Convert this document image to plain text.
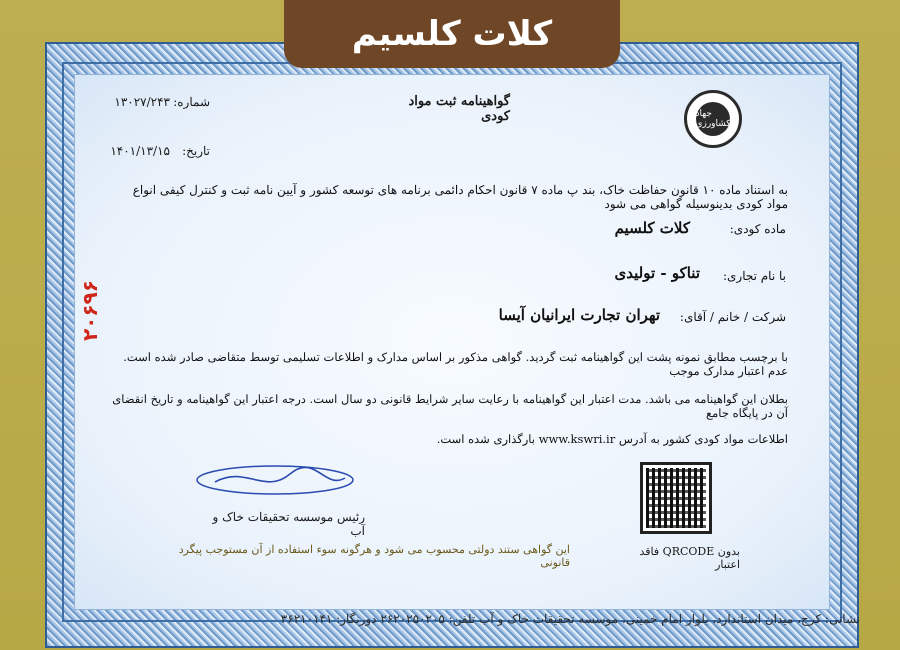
کلات کلسیم
جهاد کشاورزی
گواهینامه ثبت مواد کودی
شماره:
۱۳۰۲۷/۲۴۳
تاریخ:
۱۴۰۱/۱۳/۱۵
به استناد ماده ۱۰ قانون حفاظت خاک، بند پ ماده ۷ قانون احکام دائمی برنامه های توسعه کشور و آیین نامه ثبت و کنترل کیفی انواع مواد کودی بدینوسیله گواهی می شود
ماده کودی:
کلات کلسیم
با نام تجاری:
تناکو - تولیدی
شرکت / خانم / آقای:
تهران تجارت ایرانیان آیسا
با برچسب مطابق نمونه پشت این گواهینامه ثبت گردید. گواهی مذکور بر اساس مدارک و اطلاعات تسلیمی توسط متقاضی صادر شده است. عدم اعتبار مدارک موجب
بطلان این گواهینامه می باشد. مدت اعتبار این گواهینامه با رعایت سایر شرایط قانونی دو سال است. درجه اعتبار این گواهینامه و تاریخ انقضای آن در پایگاه جامع
اطلاعات مواد کودی کشور به آدرس www.kswri.ir بارگذاری شده است.
رئیس موسسه تحقیقات خاک و آب
بدون QRCODE فاقد اعتبار
این گواهی ستند دولتی محسوب می شود و هرگونه سوء استفاده از آن مستوجب پیگرد قانونی
نشانی: کرج، میدان استاندارد، بلوار امام خمینی، موسسه تحقیقات خاک و آب تلفن: ۲۶۲۰۲۵۰۲۰۵ دورنگار: ۳۶۲۱۰۱۴۱
۲۰۶۹۶
